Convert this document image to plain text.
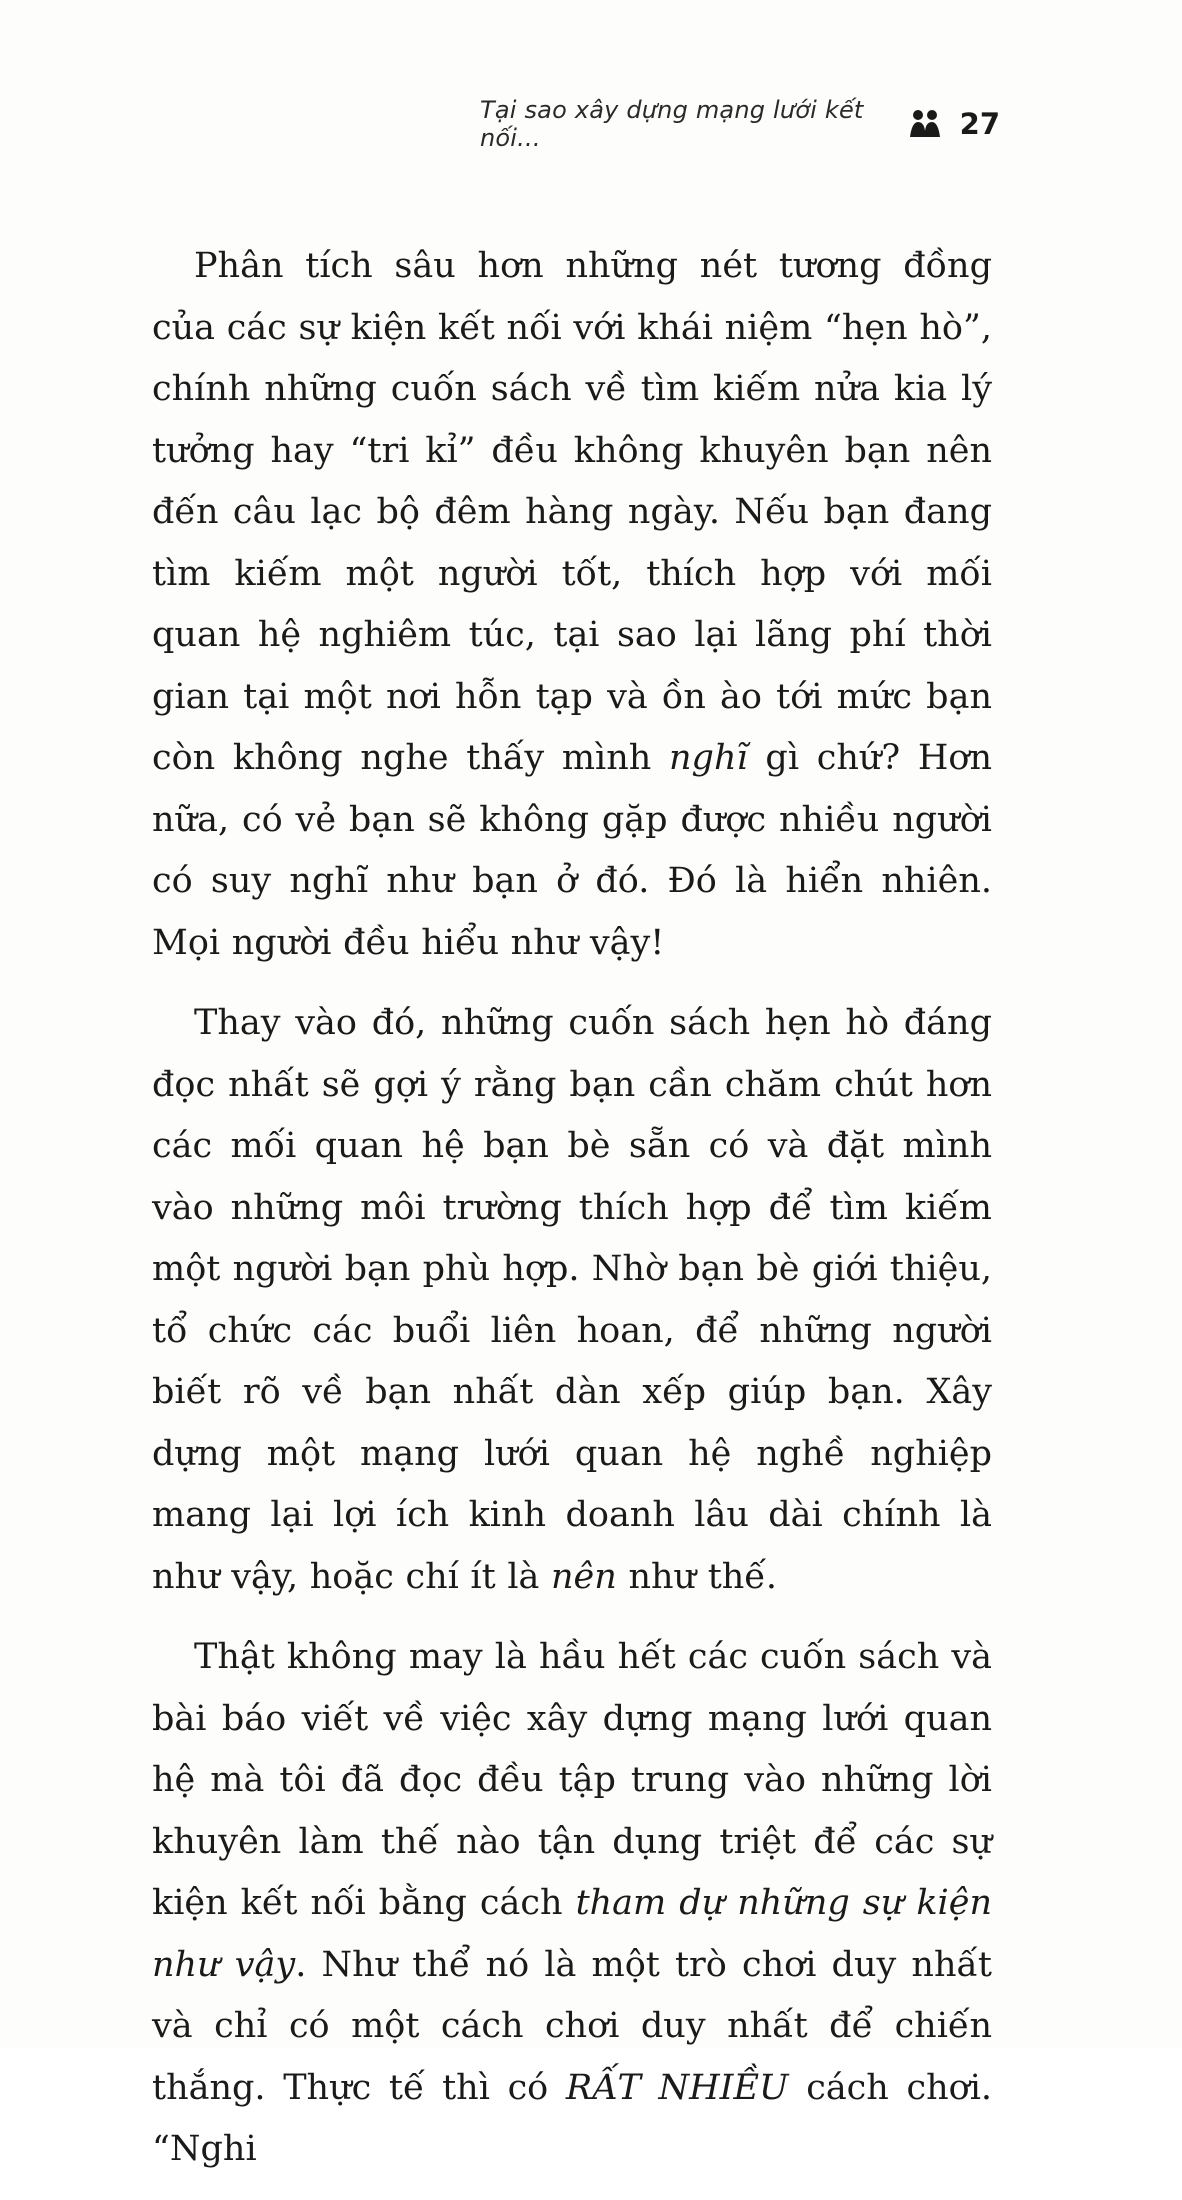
Tại sao xây dựng mạng lưới kết nối...	27

Phân tích sâu hơn những nét tương đồng của các sự kiện kết nối với khái niệm “hẹn hò”, chính những cuốn sách về tìm kiếm nửa kia lý tưởng hay “tri kỉ” đều không khuyên bạn nên đến câu lạc bộ đêm hàng ngày. Nếu bạn đang tìm kiếm một người tốt, thích hợp với mối quan hệ nghiêm túc, tại sao lại lãng phí thời gian tại một nơi hỗn tạp và ồn ào tới mức bạn còn không nghe thấy mình nghĩ gì chứ? Hơn nữa, có vẻ bạn sẽ không gặp được nhiều người có suy nghĩ như bạn ở đó. Đó là hiển nhiên. Mọi người đều hiểu như vậy!

Thay vào đó, những cuốn sách hẹn hò đáng đọc nhất sẽ gợi ý rằng bạn cần chăm chút hơn các mối quan hệ bạn bè sẵn có và đặt mình vào những môi trường thích hợp để tìm kiếm một người bạn phù hợp. Nhờ bạn bè giới thiệu, tổ chức các buổi liên hoan, để những người biết rõ về bạn nhất dàn xếp giúp bạn. Xây dựng một mạng lưới quan hệ nghề nghiệp mang lại lợi ích kinh doanh lâu dài chính là như vậy, hoặc chí ít là nên như thế.

Thật không may là hầu hết các cuốn sách và bài báo viết về việc xây dựng mạng lưới quan hệ mà tôi đã đọc đều tập trung vào những lời khuyên làm thế nào tận dụng triệt để các sự kiện kết nối bằng cách tham dự những sự kiện như vậy. Như thể nó là một trò chơi duy nhất và chỉ có một cách chơi duy nhất để chiến thắng. Thực tế thì có RẤT NHIỀU cách chơi. “Nghi
